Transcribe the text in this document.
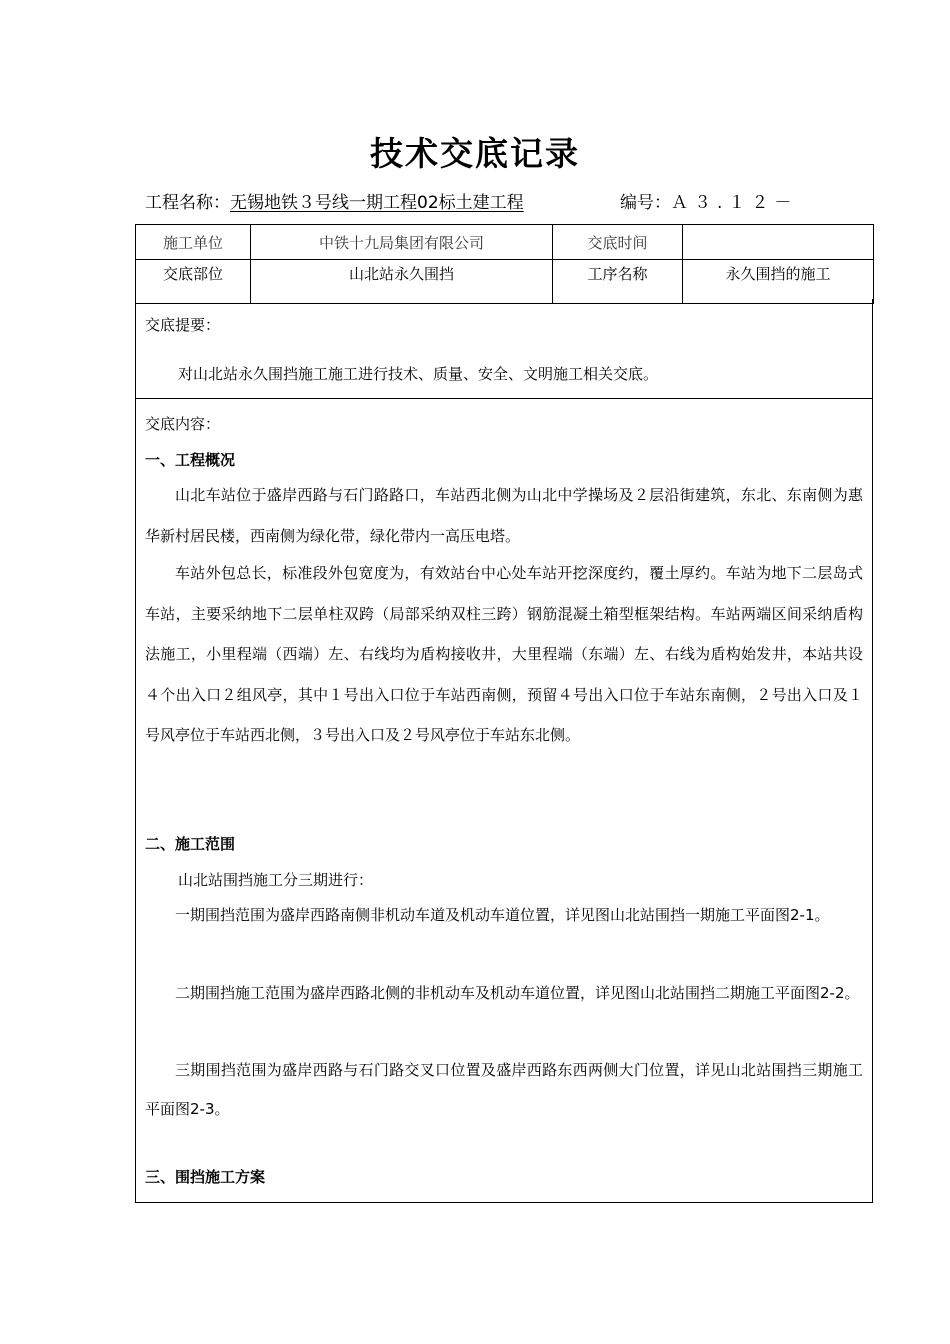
技术交底记录
工程名称：无锡地铁３号线一期工程02标土建工程	编号：Ａ３.１２－
施工单位	中铁十九局集团有限公司	交底时间	
交底部位	山北站永久围挡	工序名称	永久围挡的施工
交底提要：
对山北站永久围挡施工施工进行技术、质量、安全、文明施工相关交底。
交底内容：
一、工程概况
山北车站位于盛岸西路与石门路路口，车站西北侧为山北中学操场及２层沿街建筑，东北、东南侧为惠华新村居民楼，西南侧为绿化带，绿化带内一高压电塔。
车站外包总长，标准段外包宽度为，有效站台中心处车站开挖深度约，覆土厚约。车站为地下二层岛式车站，主要采纳地下二层单柱双跨（局部采纳双柱三跨）钢筋混凝土箱型框架结构。车站两端区间采纳盾构法施工，小里程端（西端）左、右线均为盾构接收井，大里程端（东端）左、右线为盾构始发井，本站共设４个出入口２组风亭，其中１号出入口位于车站西南侧，预留４号出入口位于车站东南侧，２号出入口及１号风亭位于车站西北侧，３号出入口及２号风亭位于车站东北侧。
二、施工范围
山北站围挡施工分三期进行：
一期围挡范围为盛岸西路南侧非机动车道及机动车道位置，详见图山北站围挡一期施工平面图2-1。
二期围挡施工范围为盛岸西路北侧的非机动车及机动车道位置，详见图山北站围挡二期施工平面图2-2。
三期围挡范围为盛岸西路与石门路交叉口位置及盛岸西路东西两侧大门位置，详见山北站围挡三期施工平面图2-3。
三、围挡施工方案
